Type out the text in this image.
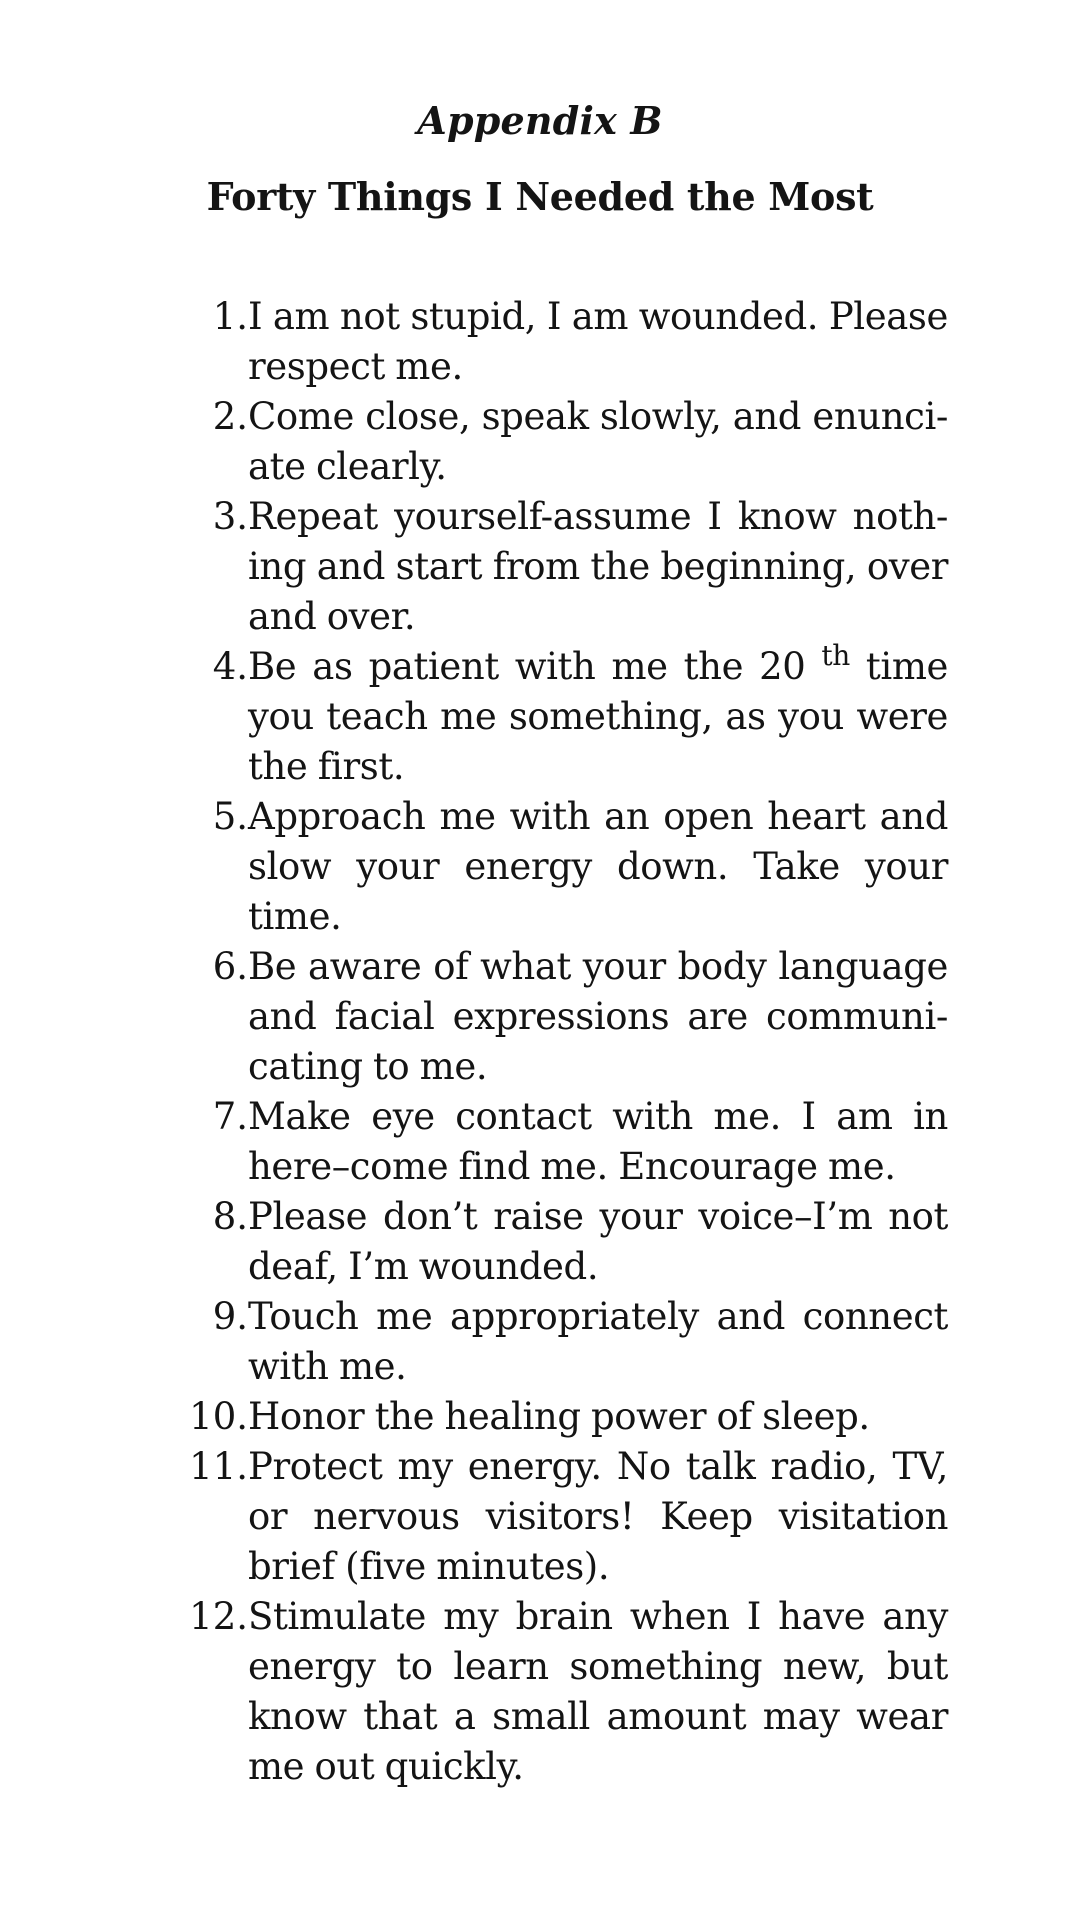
Appendix B
Forty Things I Needed the Most
1. I am not stupid, I am wounded. Please respect me.
2. Come close, speak slowly, and enunci-ate clearly.
3. Repeat yourself-assume I know noth-ing and start from the beginning, over and over.
4. Be as patient with me the 20 $^{th}$ time you teach me something, as you were the first.
5. Approach me with an open heart and slow your energy down. Take your time.
6. Be aware of what your body language and facial expressions are communi-cating to me.
7. Make eye contact with me. I am in here–come find me. Encourage me.
8. Please don’t raise your voice–I’m not deaf, I’m wounded.
9. Touch me appropriately and connect with me.
10. Honor the healing power of sleep.
11. Protect my energy. No talk radio, TV, or nervous visitors! Keep visitation brief (five minutes).
12. Stimulate my brain when I have any energy to learn something new, but know that a small amount may wear me out quickly.
